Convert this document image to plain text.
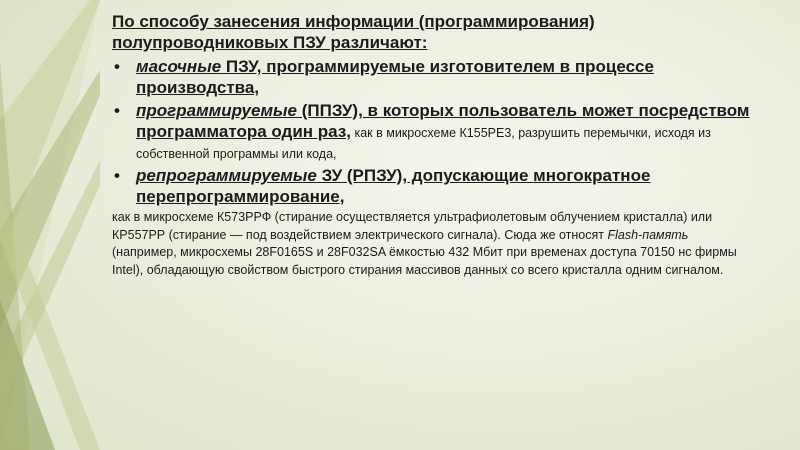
По способу занесения информации (программирования)
полупроводниковых ПЗУ различают:

• масочные ПЗУ, программируемые изготовителем в процессе производства,
• программируемые (ППЗУ), в которых пользователь может посредством программатора один раз, как в микросхеме К155РЕ3, разрушить перемычки, исходя из собственной программы или кода,
• репрограммируемые ЗУ (РПЗУ), допускающие многократное перепрограммирование,

как в микросхеме К573РРФ (стирание осуществляется ультрафиолетовым облучением кристалла) или КР557РР (стирание — под воздействием электрического сигнала). Сюда же относят Flash-память (например, микросхемы 28F0165S и 28F032SA ёмкостью 432 Мбит при временах доступа 70150 нс фирмы Intel), обладающую свойством быстрого стирания массивов данных со всего кристалла одним сигналом.
